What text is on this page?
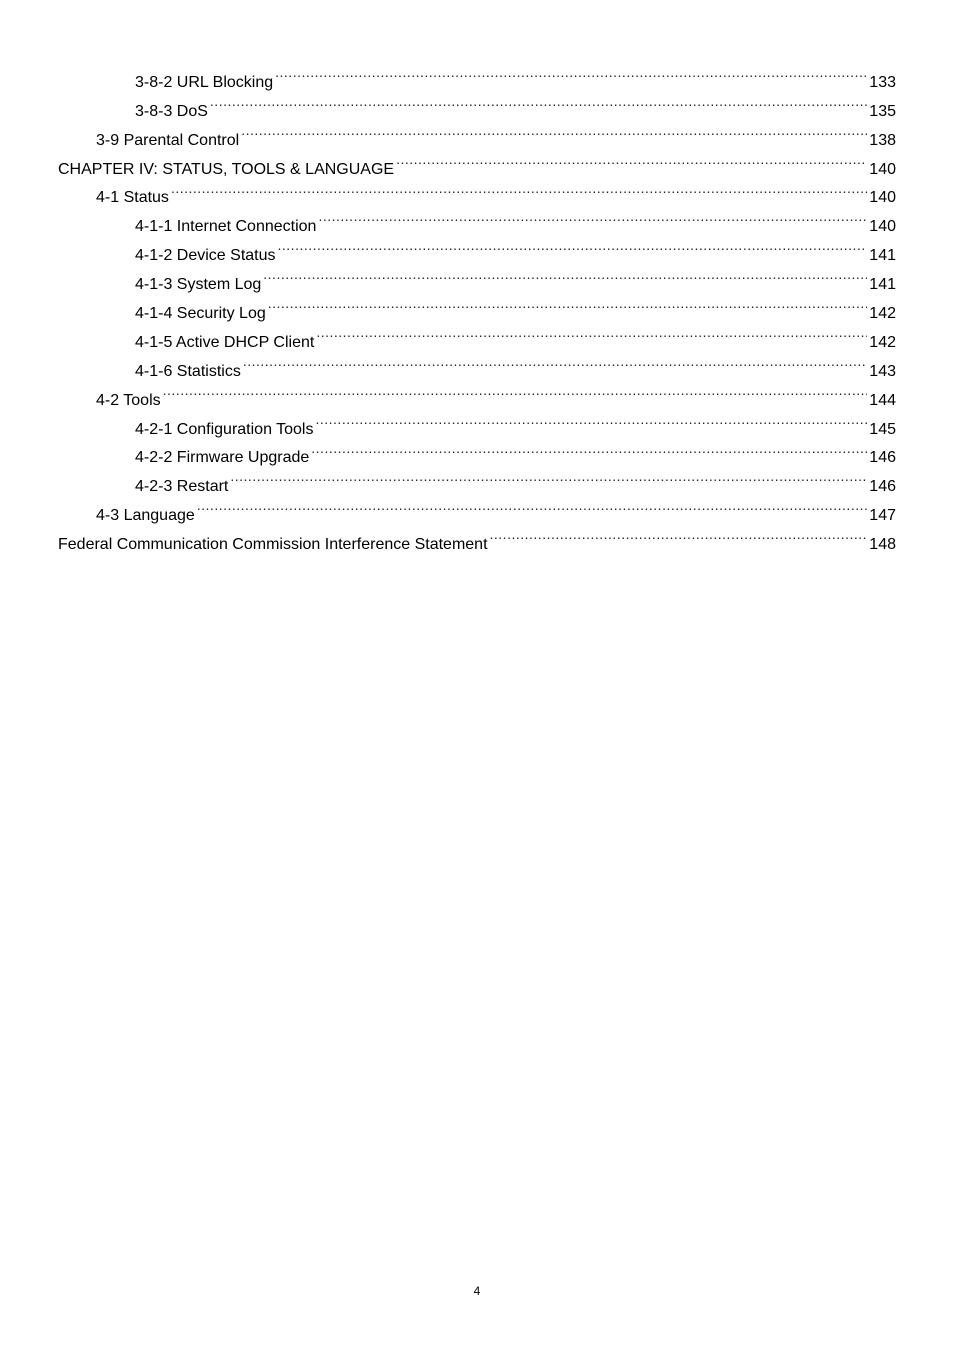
3-8-2 URL Blocking .....	133
3-8-3 DoS .....	135
3-9 Parental Control .....	138
CHAPTER IV: STATUS, TOOLS & LANGUAGE .....	140
4-1 Status .....	140
4-1-1 Internet Connection .....	140
4-1-2 Device Status .....	141
4-1-3 System Log .....	141
4-1-4 Security Log .....	142
4-1-5 Active DHCP Client .....	142
4-1-6 Statistics .....	143
4-2 Tools .....	144
4-2-1 Configuration Tools .....	145
4-2-2 Firmware Upgrade .....	146
4-2-3 Restart .....	146
4-3 Language .....	147
Federal Communication Commission Interference Statement .....	148
4
